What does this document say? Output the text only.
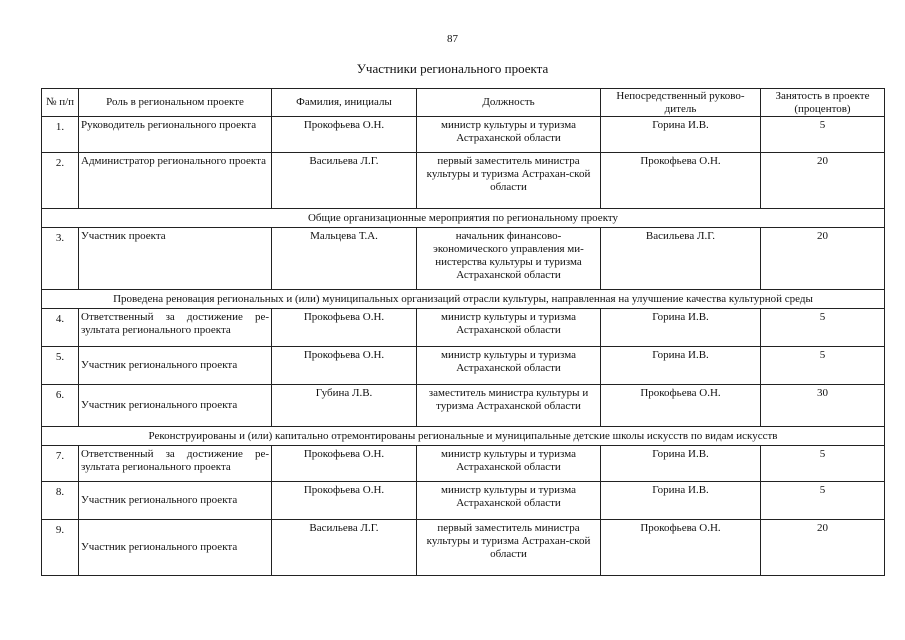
87
Участники регионального проекта
№ п/п	Роль в региональном проекте	Фамилия, инициалы	Должность	Непосредственный руково-дитель	Занятость в проекте (процентов)
1.	Руководитель регионального проекта	Прокофьева О.Н.	министр культуры и туризма Астраханской области	Горина И.В.	5
2.	Администратор регионального проекта	Васильева Л.Г.	первый заместитель министра культуры и туризма Астрахан-ской области	Прокофьева О.Н.	20
Общие организационные мероприятия по региональному проекту					
3.	Участник проекта	Мальцева Т.А.	начальник финансово-экономического управления ми-нистерства культуры и туризма Астраханской области	Васильева Л.Г.	20
Проведена реновация региональных и (или) муниципальных организаций отрасли культуры, направленная на улучшение качества культурной среды					
4.	Ответственный за достижение ре-зультата регионального проекта	Прокофьева О.Н.	министр культуры и туризма Астраханской области	Горина И.В.	5
5.	Участник регионального проекта	Прокофьева О.Н.	министр культуры и туризма Астраханской области	Горина И.В.	5
6.	Участник регионального проекта	Губина Л.В.	заместитель министра культуры и туризма Астраханской области	Прокофьева О.Н.	30
Реконструированы и (или) капитально отремонтированы региональные и муниципальные детские школы искусств по видам искусств					
7.	Ответственный за достижение ре-зультата регионального проекта	Прокофьева О.Н.	министр культуры и туризма Астраханской области	Горина И.В.	5
8.	Участник регионального проекта	Прокофьева О.Н.	министр культуры и туризма Астраханской области	Горина И.В.	5
9.	Участник регионального проекта	Васильева Л.Г.	первый заместитель министра культуры и туризма Астрахан-ской области	Прокофьева О.Н.	20
